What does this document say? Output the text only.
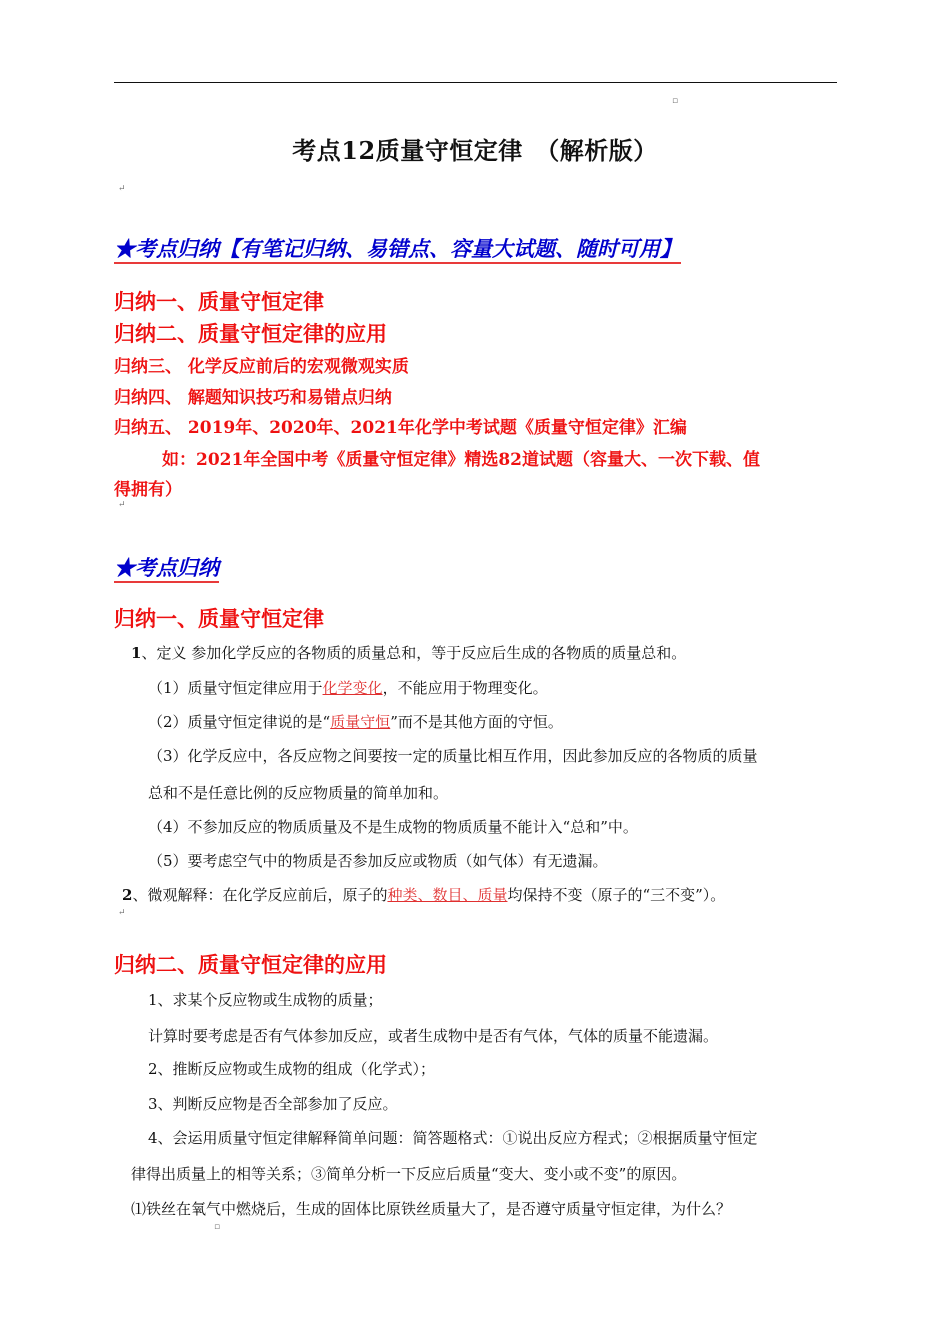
▫
考点12质量守恒定律　（解析版）
↵
★考点归纳【有笔记归纳、易错点、容量大试题、随时可用】
归纳一、质量守恒定律
归纳二、质量守恒定律的应用
归纳三、 化学反应前后的宏观微观实质
归纳四、 解题知识技巧和易错点归纳
归纳五、 2019年、2020年、2021年化学中考试题《质量守恒定律》汇编
如：2021年全国中考《质量守恒定律》精选82道试题（容量大、一次下载、值
得拥有）
↵
★考点归纳
归纳一、质量守恒定律
1、定义 参加化学反应的各物质的质量总和，等于反应后生成的各物质的质量总和。
（1）质量守恒定律应用于化学变化，不能应用于物理变化。
（2）质量守恒定律说的是“质量守恒”而不是其他方面的守恒。
（3）化学反应中，各反应物之间要按一定的质量比相互作用，因此参加反应的各物质的质量
总和不是任意比例的反应物质量的简单加和。
（4）不参加反应的物质质量及不是生成物的物质质量不能计入“总和”中。
（5）要考虑空气中的物质是否参加反应或物质（如气体）有无遗漏。
2、微观解释：在化学反应前后，原子的种类、数目、质量均保持不变（原子的“三不变”）。
↵
归纳二、质量守恒定律的应用
1、求某个反应物或生成物的质量；
计算时要考虑是否有气体参加反应，或者生成物中是否有气体，气体的质量不能遗漏。
2、推断反应物或生成物的组成（化学式）；
3、判断反应物是否全部参加了反应。
4、会运用质量守恒定律解释简单问题：简答题格式：①说出反应方程式；②根据质量守恒定
律得出质量上的相等关系；③简单分析一下反应后质量“变大、变小或不变”的原因。
⑴铁丝在氧气中燃烧后，生成的固体比原铁丝质量大了，是否遵守质量守恒定律，为什么？
▫
